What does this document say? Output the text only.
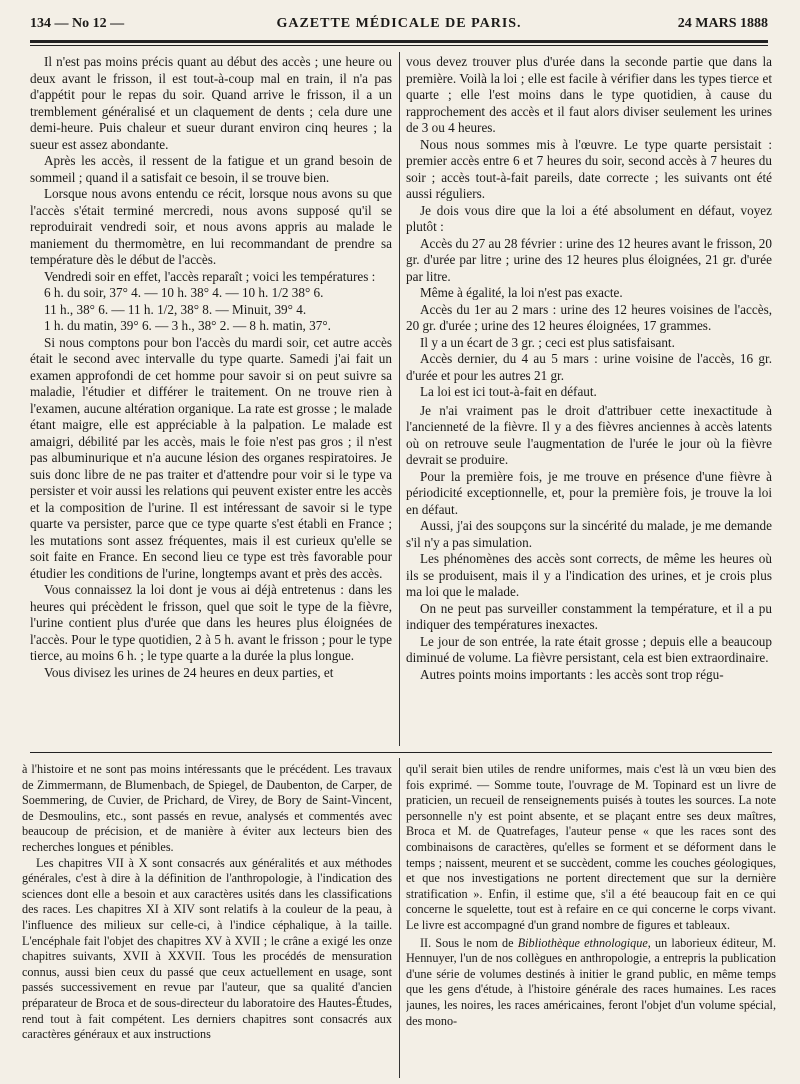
134 — No 12 —	GAZETTE MÉDICALE DE PARIS.	24 MARS 1888

Il n'est pas moins précis quant au début des accès ; une heure ou deux avant le frisson, il est tout-à-coup mal en train, il n'a pas d'appétit pour le repas du soir. Quand arrive le frisson, il a un tremblement généralisé et un claquement de dents ; cela dure une demi-heure. Puis chaleur et sueur durant environ cinq heures ; la sueur est assez abondante.

Après les accès, il ressent de la fatigue et un grand besoin de sommeil ; quand il a satisfait ce besoin, il se trouve bien.

Lorsque nous avons entendu ce récit, lorsque nous avons su que l'accès s'était terminé mercredi, nous avons supposé qu'il se reproduirait vendredi soir, et nous avons appris au malade le maniement du thermomètre, en lui recommandant de prendre sa température dès le début de l'accès.

Vendredi soir en effet, l'accès reparaît ; voici les températures :

6 h. du soir, 37° 4. — 10 h. 38° 4. — 10 h. 1/2 38° 6.

11 h., 38° 6. — 11 h. 1/2, 38° 8. — Minuit, 39° 4.

1 h. du matin, 39° 6. — 3 h., 38° 2. — 8 h. matin, 37°.

Si nous comptons pour bon l'accès du mardi soir, cet autre accès était le second avec intervalle du type quarte. Samedi j'ai fait un examen approfondi de cet homme pour savoir si on peut suivre sa maladie, l'étudier et différer le traitement. On ne trouve rien à l'examen, aucune altération organique. La rate est grosse ; le malade étant maigre, elle est appréciable à la palpation. Le malade est amaigri, débilité par les accès, mais le foie n'est pas gros ; il n'est pas albuminurique et n'a aucune lésion des organes respiratoires. Je suis donc libre de ne pas traiter et d'attendre pour voir si le type va persister et voir aussi les relations qui peuvent exister entre les accès et la composition de l'urine. Il est intéressant de savoir si le type quarte va persister, parce que ce type quarte s'est établi en France ; les mutations sont assez fréquentes, mais il est curieux qu'elle se soit faite en France. En second lieu ce type est très favorable pour étudier les conditions de l'urine, longtemps avant et près des accès.

Vous connaissez la loi dont je vous ai déjà entretenus : dans les heures qui précèdent le frisson, quel que soit le type de la fièvre, l'urine contient plus d'urée que dans les heures plus éloignées de l'accès. Pour le type quotidien, 2 à 5 h. avant le frisson ; pour le type tierce, au moins 6 h. ; le type quarte a la durée la plus longue.

Vous divisez les urines de 24 heures en deux parties, et

vous devez trouver plus d'urée dans la seconde partie que dans la première. Voilà la loi ; elle est facile à vérifier dans les types tierce et quarte ; elle l'est moins dans le type quotidien, à cause du rapprochement des accès et il faut alors diviser seulement les urines de 3 ou 4 heures.

Nous nous sommes mis à l'œuvre. Le type quarte persistait : premier accès entre 6 et 7 heures du soir, second accès à 7 heures du soir ; accès tout-à-fait pareils, date correcte ; les suivants ont été aussi réguliers.

Je dois vous dire que la loi a été absolument en défaut, voyez plutôt :

Accès du 27 au 28 février : urine des 12 heures avant le frisson, 20 gr. d'urée par litre ; urine des 12 heures plus éloignées, 21 gr. d'urée par litre.

Même à égalité, la loi n'est pas exacte.

Accès du 1er au 2 mars : urine des 12 heures voisines de l'accès, 20 gr. d'urée ; urine des 12 heures éloignées, 17 grammes.

Il y a un écart de 3 gr. ; ceci est plus satisfaisant.

Accès dernier, du 4 au 5 mars : urine voisine de l'accès, 16 gr. d'urée et pour les autres 21 gr.

La loi est ici tout-à-fait en défaut.

Je n'ai vraiment pas le droit d'attribuer cette inexactitude à l'ancienneté de la fièvre. Il y a des fièvres anciennes à accès latents où on retrouve seule l'augmentation de l'urée le jour où la fièvre devrait se produire.

Pour la première fois, je me trouve en présence d'une fièvre à périodicité exceptionnelle, et, pour la première fois, je trouve la loi en défaut.

Aussi, j'ai des soupçons sur la sincérité du malade, je me demande s'il n'y a pas simulation.

Les phénomènes des accès sont corrects, de même les heures où ils se produisent, mais il y a l'indication des urines, et je crois plus ma loi que le malade.

On ne peut pas surveiller constamment la température, et il a pu indiquer des températures inexactes.

Le jour de son entrée, la rate était grosse ; depuis elle a beaucoup diminué de volume. La fièvre persistant, cela est bien extraordinaire.

Autres points moins importants : les accès sont trop régu-

à l'histoire et ne sont pas moins intéressants que le précédent. Les travaux de Zimmermann, de Blumenbach, de Spiegel, de Daubenton, de Carper, de Soemmering, de Cuvier, de Prichard, de Virey, de Bory de Saint-Vincent, de Desmoulins, etc., sont passés en revue, analysés et commentés avec beaucoup de précision, et de manière à éviter aux lecteurs bien des recherches longues et pénibles.

Les chapitres VII à X sont consacrés aux généralités et aux méthodes générales, c'est à dire à la définition de l'anthropologie, à l'indication des sciences dont elle a besoin et aux caractères usités dans les classifications des races. Les chapitres XI à XIV sont relatifs à la couleur de la peau, à l'influence des milieux sur celle-ci, à l'indice céphalique, à la taille. L'encéphale fait l'objet des chapitres XV à XVII ; le crâne a exigé les onze chapitres suivants, XVII à XXVII. Tous les procédés de mensuration connus, aussi bien ceux du passé que ceux actuellement en usage, sont passés successivement en revue par l'auteur, que sa qualité d'ancien préparateur de Broca et de sous-directeur du laboratoire des Hautes-Études, rend tout à fait compétent. Les derniers chapitres sont consacrés aux caractères généraux et aux instructions

qu'il serait bien utiles de rendre uniformes, mais c'est là un vœu bien des fois exprimé. — Somme toute, l'ouvrage de M. Topinard est un livre de praticien, un recueil de renseignements puisés à toutes les sources. La note personnelle n'y est point absente, et se plaçant entre ses deux maîtres, Broca et M. de Quatrefages, l'auteur pense « que les races sont des combinaisons de caractères, qu'elles se forment et se déforment dans le temps ; naissent, meurent et se succèdent, comme les couches géologiques, et que nos investigations ne portent directement que sur la dernière stratification ». Enfin, il estime que, s'il a été beaucoup fait en ce qui concerne le squelette, tout est à refaire en ce qui concerne le corps vivant. Le livre est accompagné d'un grand nombre de figures et tableaux.

II. Sous le nom de Bibliothèque ethnologique, un laborieux éditeur, M. Hennuyer, l'un de nos collègues en anthropologie, a entrepris la publication d'une série de volumes destinés à initier le grand public, en même temps que les gens d'étude, à l'histoire générale des races humaines. Les races jaunes, les noires, les races américaines, feront l'objet d'un volume spécial, des mono-
